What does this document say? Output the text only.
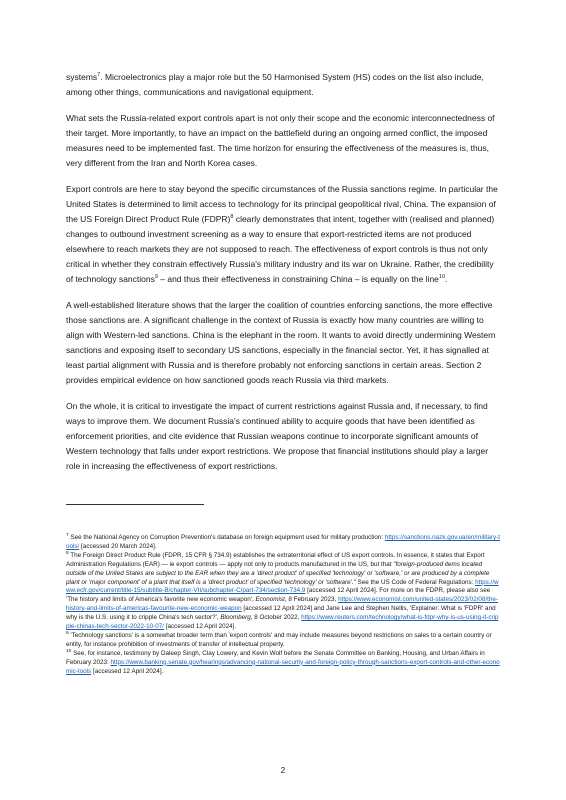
systems$^7$. Microelectronics play a major role but the 50 Harmonised System (HS) codes on the list also include, among other things, communications and navigational equipment.

What sets the Russia-related export controls apart is not only their scope and the economic interconnectedness of their target. More importantly, to have an impact on the battlefield during an ongoing armed conflict, the imposed measures need to be implemented fast. The time horizon for ensuring the effectiveness of the measures is, thus, very different from the Iran and North Korea cases.

Export controls are here to stay beyond the specific circumstances of the Russia sanctions regime. In particular the United States is determined to limit access to technology for its principal geopolitical rival, China. The expansion of the US Foreign Direct Product Rule (FDPR)$^8$ clearly demonstrates that intent, together with (realised and planned) changes to outbound investment screening as a way to ensure that export-restricted items are not produced elsewhere to reach markets they are not supposed to reach. The effectiveness of export controls is thus not only critical in whether they constrain effectively Russia's military industry and its war on Ukraine. Rather, the credibility of technology sanctions$^9$ – and thus their effectiveness in constraining China – is equally on the line$^{10}$.

A well-established literature shows that the larger the coalition of countries enforcing sanctions, the more effective those sanctions are. A significant challenge in the context of Russia is exactly how many countries are willing to align with Western-led sanctions. China is the elephant in the room. It wants to avoid directly undermining Western sanctions and exposing itself to secondary US sanctions, especially in the financial sector. Yet, it has signalled at least partial alignment with Russia and is therefore probably not enforcing sanctions in certain areas. Section 2 provides empirical evidence on how sanctioned goods reach Russia via third markets.

On the whole, it is critical to investigate the impact of current restrictions against Russia and, if necessary, to find ways to improve them. We document Russia's continued ability to acquire goods that have been identified as enforcement priorities, and cite evidence that Russian weapons continue to incorporate significant amounts of Western technology that falls under export restrictions. We propose that financial institutions should play a larger role in increasing the effectiveness of export restrictions.

$^7$ See the National Agency on Corruption Prevention's database on foreign equipment used for military production: https://sanctions.nazk.gov.ua/en/military-tools/ [accessed 20 March 2024].

$^8$ The Foreign Direct Product Rule (FDPR, 15 CFR § 734.9) establishes the extraterritorial effect of US export controls. In essence, it states that Export Administration Regulations (EAR) — ie export controls — apply not only to products manufactured in the US, but that "foreign-produced items located outside of the United States are subject to the EAR when they are a 'direct product' of specified 'technology' or 'software,' or are produced by a complete plant or 'major component' of a plant that itself is a 'direct product' of specified 'technology' or 'software'." See the US Code of Federal Regulations: https://www.ecfr.gov/current/title-15/subtitle-B/chapter-VII/subchapter-C/part-734/section-734.9 [accessed 12 April 2024]. For more on the FDPR, please also see 'The history and limits of America's favorite new economic weapon', Economist, 8 February 2023, https://www.economist.com/united-states/2023/02/08/the-history-and-limits-of-americas-favourite-new-economic-weapon [accessed 12 April 2024] and Jane Lee and Stephen Nellis, 'Explainer: What is 'FDPR' and why is the U.S. using it to cripple China's tech sector?', Bloomberg, 8 October 2022, https://www.reuters.com/technology/what-is-fdpr-why-is-us-using-it-cripple-chinas-tech-sector-2022-10-07/ [accessed 12 April 2024].

$^9$ 'Technology sanctions' is a somewhat broader term than 'export controls' and may include measures beyond restrictions on sales to a certain country or entity, for instance prohibition of investments of transfer of intellectual property.

$^{10}$ See, for instance, testimony by Daleep Singh, Clay Lowery, and Kevin Wolf before the Senate Committee on Banking, Housing, and Urban Affairs in February 2023: https://www.banking.senate.gov/hearings/advancing-national-security-and-foreign-policy-through-sanctions-export-controls-and-other-economic-tools [accessed 12 April 2024].

2
